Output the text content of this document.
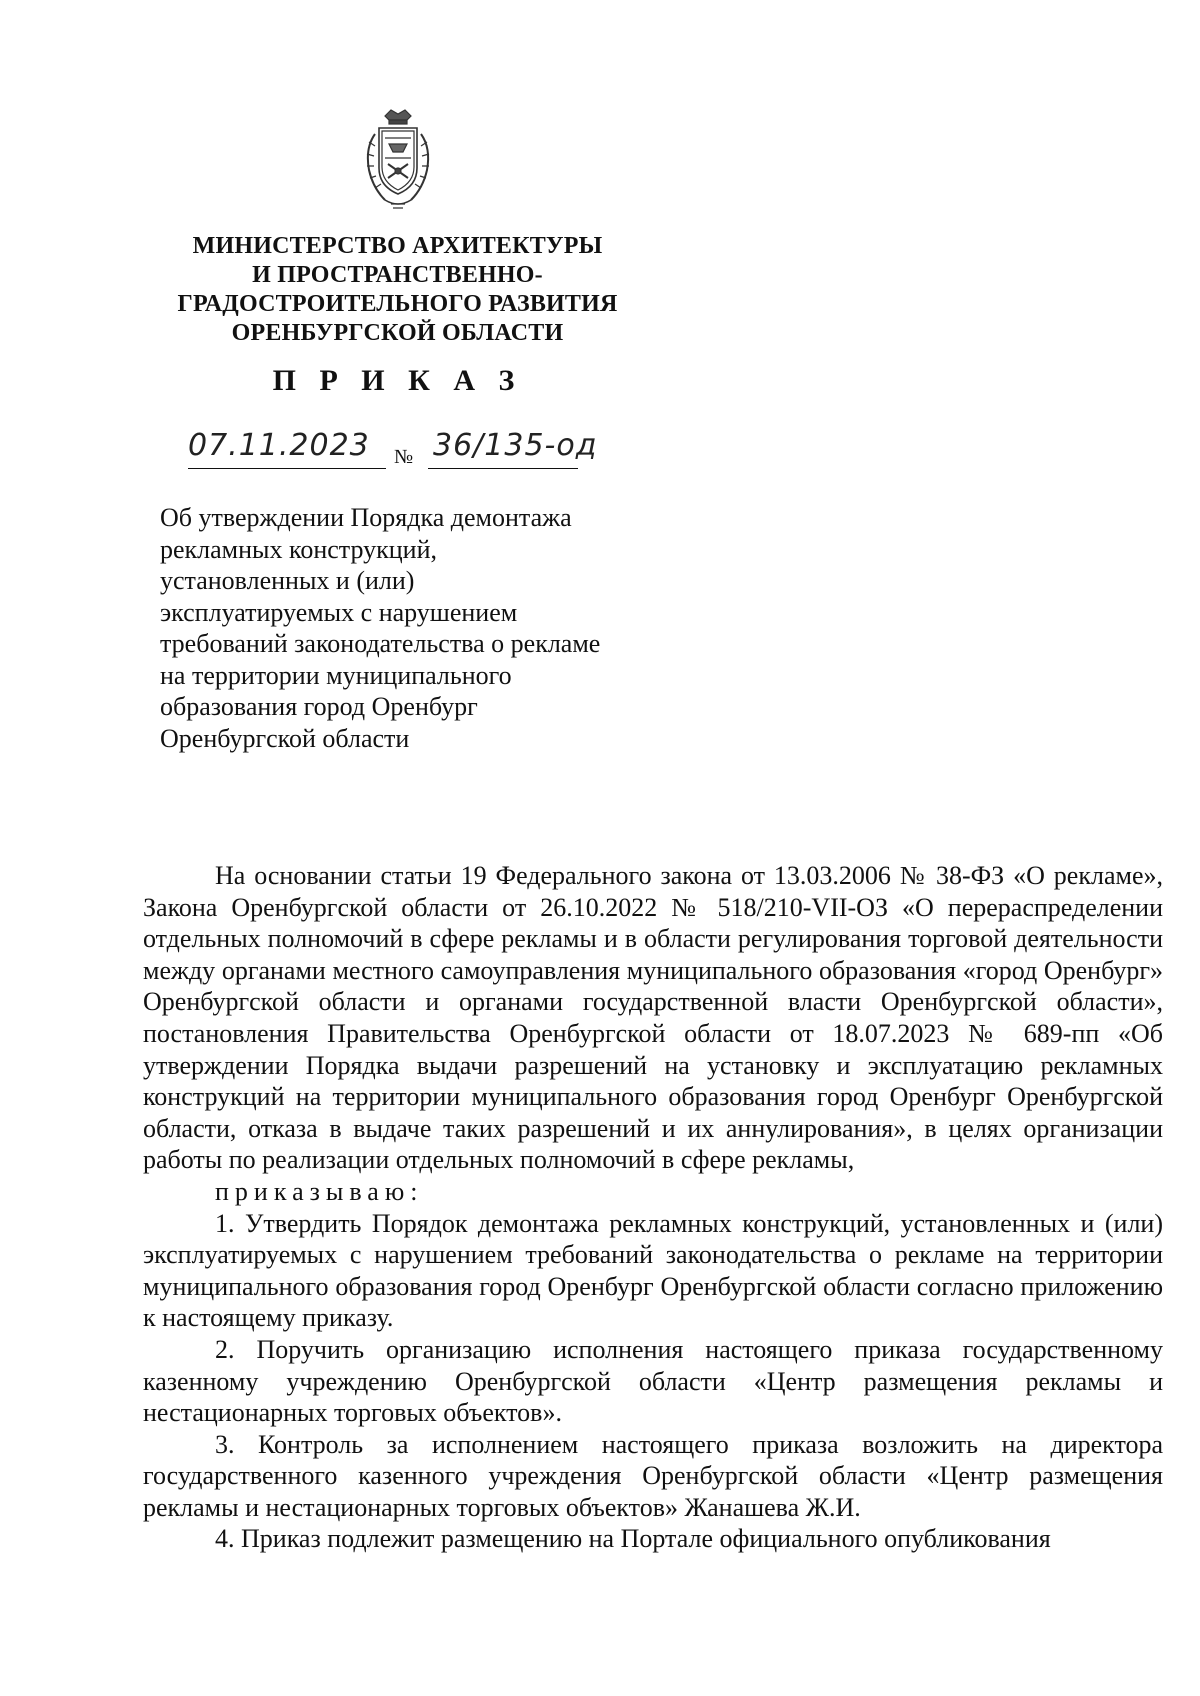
МИНИСТЕРСТВО АРХИТЕКТУРЫ
И ПРОСТРАНСТВЕННО-
ГРАДОСТРОИТЕЛЬНОГО РАЗВИТИЯ
ОРЕНБУРГСКОЙ ОБЛАСТИ
П Р И К А З
07.11.2023 № 36/135-од
Об утверждении Порядка демонтажа
рекламных конструкций,
установленных и (или)
эксплуатируемых с нарушением
требований законодательства о рекламе
на территории муниципального
образования город Оренбург
Оренбургской области

На основании статьи 19 Федерального закона от 13.03.2006 № 38-ФЗ «О рекламе», Закона Оренбургской области от 26.10.2022 № 518/210-VII-ОЗ «О перераспределении отдельных полномочий в сфере рекламы и в области регулирования торговой деятельности между органами местного самоуправления муниципального образования «город Оренбург» Оренбургской области и органами государственной власти Оренбургской области», постановления Правительства Оренбургской области от 18.07.2023 № 689-пп «Об утверждении Порядка выдачи разрешений на установку и эксплуатацию рекламных конструкций на территории муниципального образования город Оренбург Оренбургской области, отказа в выдаче таких разрешений и их аннулирования», в целях организации работы по реализации отдельных полномочий в сфере рекламы,

приказываю:

1. Утвердить Порядок демонтажа рекламных конструкций, установленных и (или) эксплуатируемых с нарушением требований законодательства о рекламе на территории муниципального образования город Оренбург Оренбургской области согласно приложению к настоящему приказу.

2. Поручить организацию исполнения настоящего приказа государственному казенному учреждению Оренбургской области «Центр размещения рекламы и нестационарных торговых объектов».

3. Контроль за исполнением настоящего приказа возложить на директора государственного казенного учреждения Оренбургской области «Центр размещения рекламы и нестационарных торговых объектов» Жанашева Ж.И.

4. Приказ подлежит размещению на Портале официального опубликования
